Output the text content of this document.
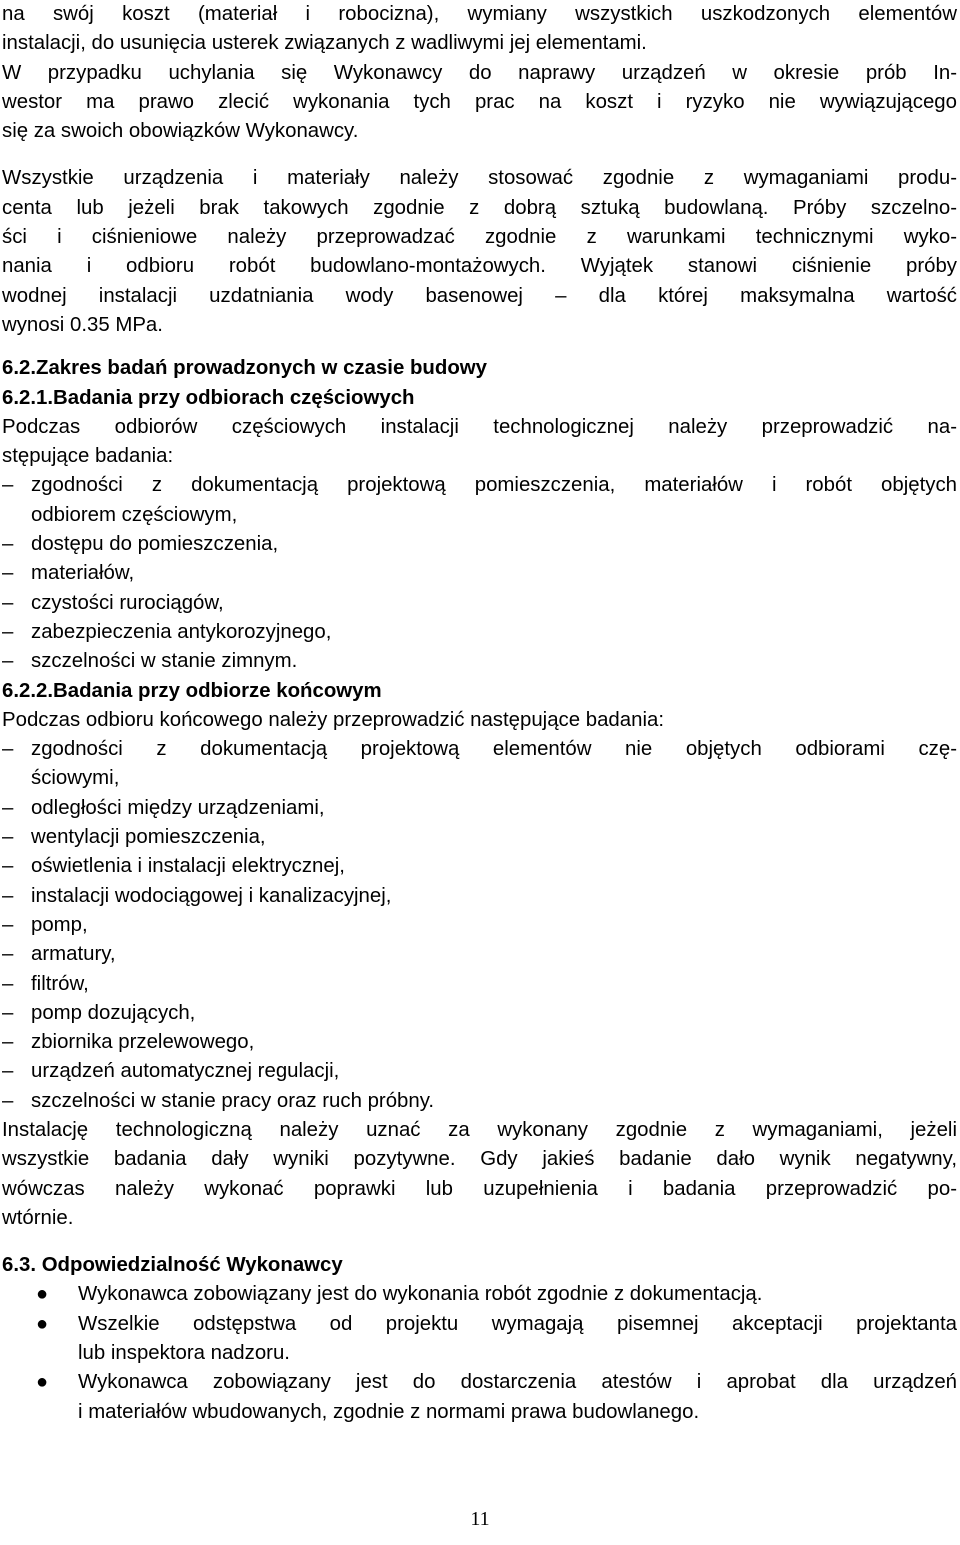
na swój koszt (materiał i robocizna), wymiany wszystkich uszkodzonych elementów
instalacji, do usunięcia usterek związanych z wadliwymi jej elementami.
W przypadku uchylania się Wykonawcy do naprawy urządzeń w okresie prób In-
westor ma prawo zlecić wykonania tych prac na koszt i ryzyko nie wywiązującego
się za swoich obowiązków Wykonawcy.
Wszystkie urządzenia i materiały należy stosować zgodnie z wymaganiami produ-
centa lub jeżeli brak takowych zgodnie z dobrą sztuką budowlaną. Próby szczelno-
ści i ciśnieniowe należy przeprowadzać zgodnie z warunkami technicznymi wyko-
nania i odbioru robót budowlano-montażowych. Wyjątek stanowi ciśnienie próby
wodnej instalacji uzdatniania wody basenowej – dla której maksymalna wartość
wynosi 0.35 MPa.
6.2.Zakres badań prowadzonych w czasie budowy
6.2.1.Badania przy odbiorach częściowych
Podczas odbiorów częściowych instalacji technologicznej należy przeprowadzić na-
stępujące badania:
– zgodności z dokumentacją projektową pomieszczenia, materiałów i robót objętych
odbiorem częściowym,
– dostępu do pomieszczenia,
– materiałów,
– czystości rurociągów,
– zabezpieczenia antykorozyjnego,
– szczelności w stanie zimnym.
6.2.2.Badania przy odbiorze końcowym
Podczas odbioru końcowego należy przeprowadzić następujące badania:
– zgodności z dokumentacją projektową elementów nie objętych odbiorami czę-
ściowymi,
– odległości między urządzeniami,
– wentylacji pomieszczenia,
– oświetlenia i instalacji elektrycznej,
– instalacji wodociągowej i kanalizacyjnej,
– pomp,
– armatury,
– filtrów,
– pomp dozujących,
– zbiornika przelewowego,
– urządzeń automatycznej regulacji,
– szczelności w stanie pracy oraz ruch próbny.
Instalację technologiczną należy uznać za wykonany zgodnie z wymaganiami, jeżeli
wszystkie badania dały wyniki pozytywne. Gdy jakieś badanie dało wynik negatywny,
wówczas należy wykonać poprawki lub uzupełnienia i badania przeprowadzić po-
wtórnie.
6.3. Odpowiedzialność Wykonawcy
● Wykonawca zobowiązany jest do wykonania robót zgodnie z dokumentacją.
● Wszelkie odstępstwa od projektu wymagają pisemnej akceptacji projektanta
lub inspektora nadzoru.
● Wykonawca zobowiązany jest do dostarczenia atestów i aprobat dla urządzeń
i materiałów wbudowanych, zgodnie z normami prawa budowlanego.
11
